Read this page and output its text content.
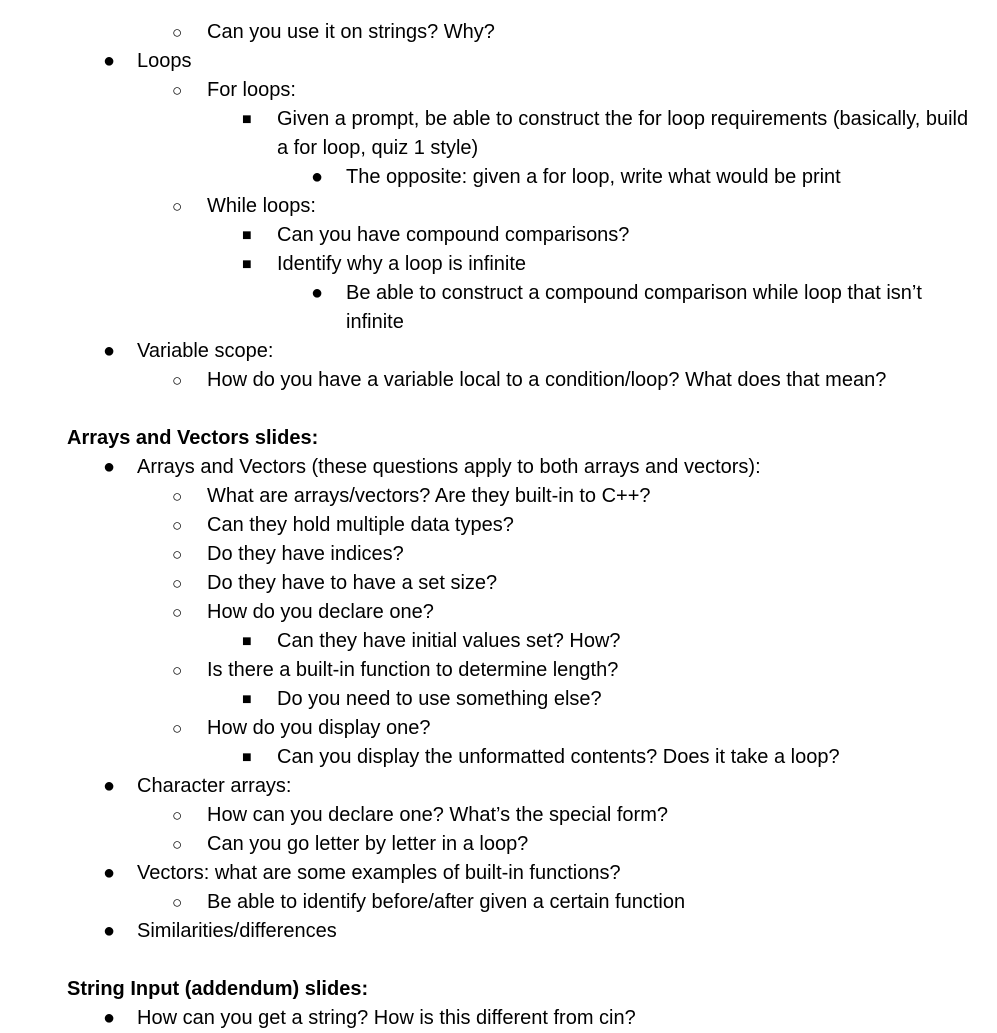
○ Can you use it on strings? Why?
● Loops
○ For loops:
■ Given a prompt, be able to construct the for loop requirements (basically, build a for loop, quiz 1 style)
● The opposite: given a for loop, write what would be print
○ While loops:
■ Can you have compound comparisons?
■ Identify why a loop is infinite
● Be able to construct a compound comparison while loop that isn’t infinite
● Variable scope:
○ How do you have a variable local to a condition/loop? What does that mean?
Arrays and Vectors slides:
● Arrays and Vectors (these questions apply to both arrays and vectors):
○ What are arrays/vectors? Are they built-in to C++?
○ Can they hold multiple data types?
○ Do they have indices?
○ Do they have to have a set size?
○ How do you declare one?
■ Can they have initial values set? How?
○ Is there a built-in function to determine length?
■ Do you need to use something else?
○ How do you display one?
■ Can you display the unformatted contents? Does it take a loop?
● Character arrays:
○ How can you declare one? What’s the special form?
○ Can you go letter by letter in a loop?
● Vectors: what are some examples of built-in functions?
○ Be able to identify before/after given a certain function
● Similarities/differences
String Input (addendum) slides:
● How can you get a string? How is this different from cin?
